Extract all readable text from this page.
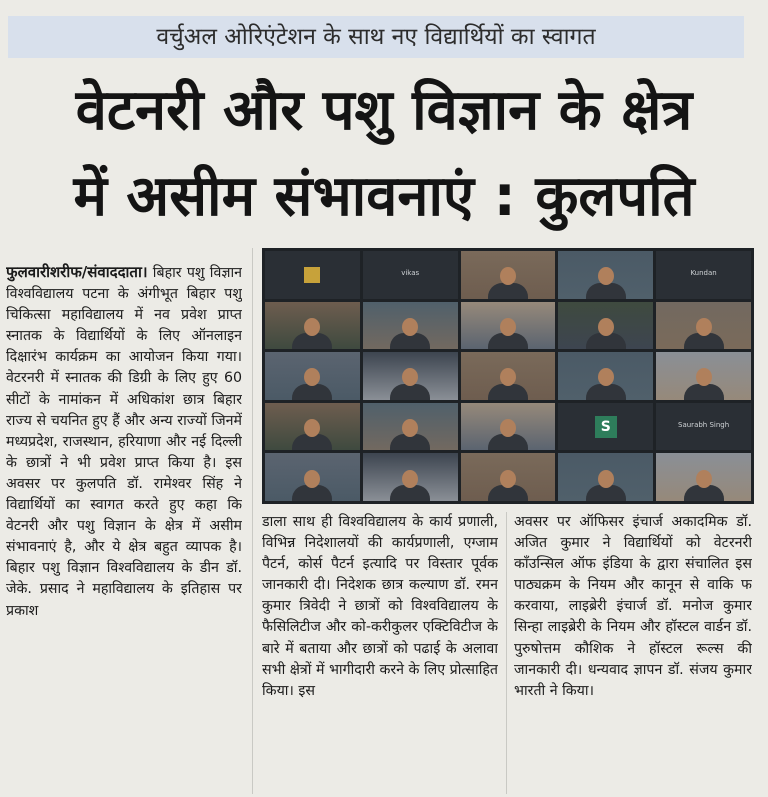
वर्चुअल ओरिएंटेशन के साथ नए विद्यार्थियों का स्वागत
वेटनरी और पशु विज्ञान के क्षेत्र
में असीम संभावनाएं : कुलपति
फुलवारीशरीफ/संवाददाता। बिहार पशु विज्ञान विश्वविद्यालय पटना के अंगीभूत बिहार पशु चिकित्सा महाविद्यालय में नव प्रवेश प्राप्त स्नातक के विद्यार्थियों के लिए ऑनलाइन दिक्षारंभ कार्यक्रम का आयोजन किया गया। वेटरनरी में स्नातक की डिग्री के लिए हुए 60 सीटों के नामांकन में अधिकांश छात्र बिहार राज्य से चयनित हुए हैं और अन्य राज्यों जिनमें मध्यप्रदेश, राजस्थान, हरियाणा और नई दिल्ली के छात्रों ने भी प्रवेश प्राप्त किया है। इस अवसर पर कुलपति डॉ. रामेश्वर सिंह ने विद्यार्थियों का स्वागत करते हुए कहा कि वेटनरी और पशु विज्ञान के क्षेत्र में असीम संभावनाएं है, और ये क्षेत्र बहुत व्यापक है। बिहार पशु विज्ञान विश्वविद्यालय के डीन डॉ. जेके. प्रसाद ने महाविद्यालय के इतिहास पर प्रकाश
vikas	Kundan
S	Saurabh Singh
डाला साथ ही विश्वविद्यालय के कार्य प्रणाली, विभिन्न निदेशालयों की कार्यप्रणाली, एग्जाम पैटर्न, कोर्स पैटर्न इत्यादि पर विस्तार पूर्वक जानकारी दी। निदेशक छात्र कल्याण डॉ. रमन कुमार त्रिवेदी ने छात्रों को विश्वविद्यालय के फैसिलिटीज और को-करीकुलर एक्टिविटीज के बारे में बताया और छात्रों को पढाई के अलावा सभी क्षेत्रों में भागीदारी करने के लिए प्रोत्साहित किया। इस
अवसर पर ऑफिसर इंचार्ज अकादमिक डॉ. अजित कुमार ने विद्यार्थियों को वेटरनरी काँउन्सिल ऑफ इंडिया के द्वारा संचालित इस पाठ्यक्रम के नियम और कानून से वाकि फ करवाया, लाइब्रेरी इंचार्ज डॉ. मनोज कुमार सिन्हा लाइब्रेरी के नियम और हॉस्टल वार्डन डॉ. पुरुषोत्तम कौशिक ने हॉस्टल रूल्स की जानकारी दी। धन्यवाद ज्ञापन डॉ. संजय कुमार भारती ने किया।
